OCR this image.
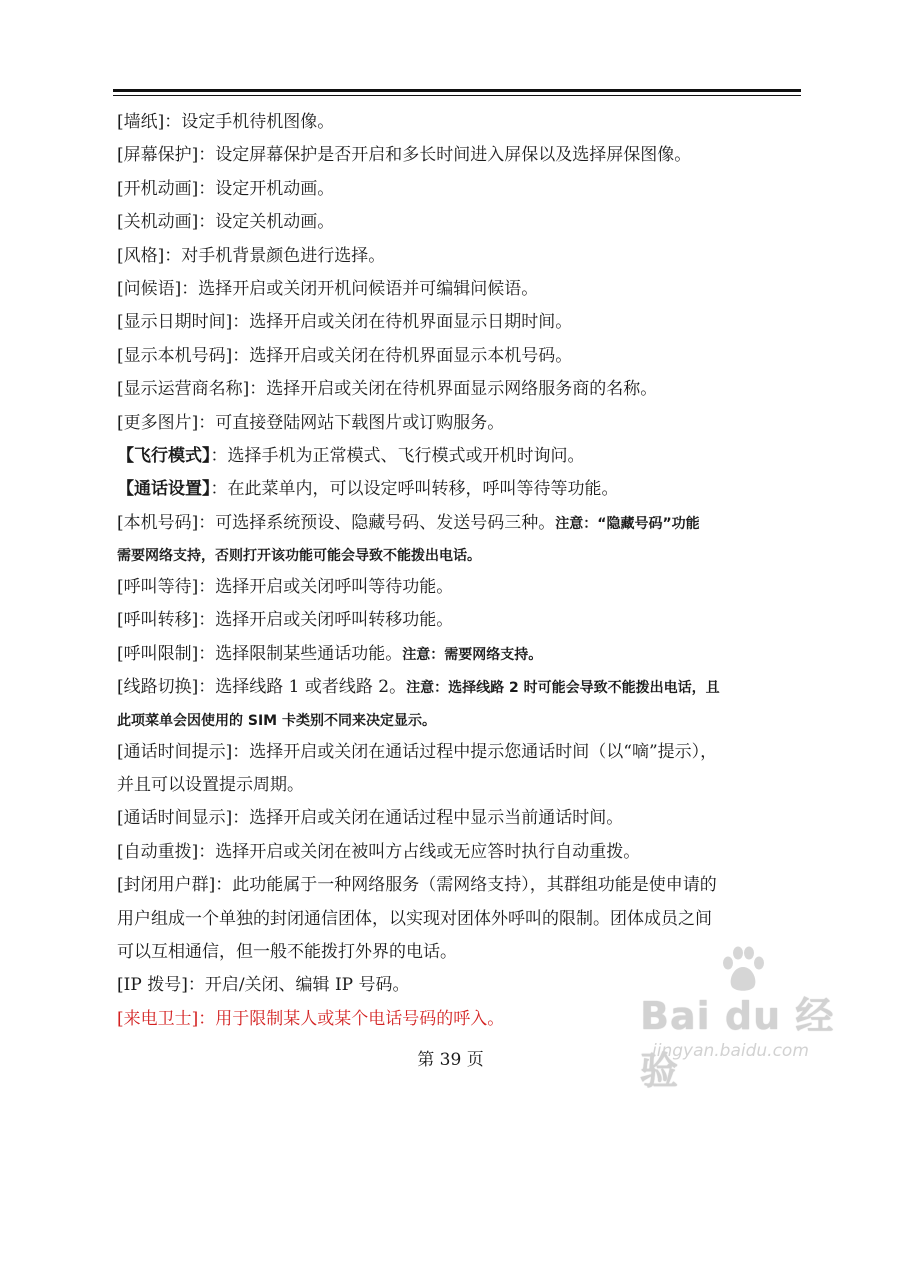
[墙纸]：设定手机待机图像。
[屏幕保护]：设定屏幕保护是否开启和多长时间进入屏保以及选择屏保图像。
[开机动画]：设定开机动画。
[关机动画]：设定关机动画。
[风格]：对手机背景颜色进行选择。
[问候语]：选择开启或关闭开机问候语并可编辑问候语。
[显示日期时间]：选择开启或关闭在待机界面显示日期时间。
[显示本机号码]：选择开启或关闭在待机界面显示本机号码。
[显示运营商名称]：选择开启或关闭在待机界面显示网络服务商的名称。
[更多图片]：可直接登陆网站下载图片或订购服务。
【飞行模式】：选择手机为正常模式、飞行模式或开机时询问。
【通话设置】：在此菜单内，可以设定呼叫转移，呼叫等待等功能。
[本机号码]：可选择系统预设、隐藏号码、发送号码三种。注意：“隐藏号码”功能
需要网络支持，否则打开该功能可能会导致不能拨出电话。
[呼叫等待]：选择开启或关闭呼叫等待功能。
[呼叫转移]：选择开启或关闭呼叫转移功能。
[呼叫限制]：选择限制某些通话功能。注意：需要网络支持。
[线路切换]：选择线路 1 或者线路 2。注意：选择线路 2 时可能会导致不能拨出电话，且
此项菜单会因使用的 SIM 卡类别不同来决定显示。
[通话时间提示]：选择开启或关闭在通话过程中提示您通话时间（以“嘀”提示），
并且可以设置提示周期。
[通话时间显示]：选择开启或关闭在通话过程中显示当前通话时间。
[自动重拨]：选择开启或关闭在被叫方占线或无应答时执行自动重拨。
[封闭用户群]：此功能属于一种网络服务（需网络支持），其群组功能是使申请的
用户组成一个单独的封闭通信团体，以实现对团体外呼叫的限制。团体成员之间
可以互相通信，但一般不能拨打外界的电话。
[IP 拨号]：开启/关闭、编辑 IP 号码。
[来电卫士]：用于限制某人或某个电话号码的呼入。
第 39 页
Bai du 经验
jingyan.baidu.com
